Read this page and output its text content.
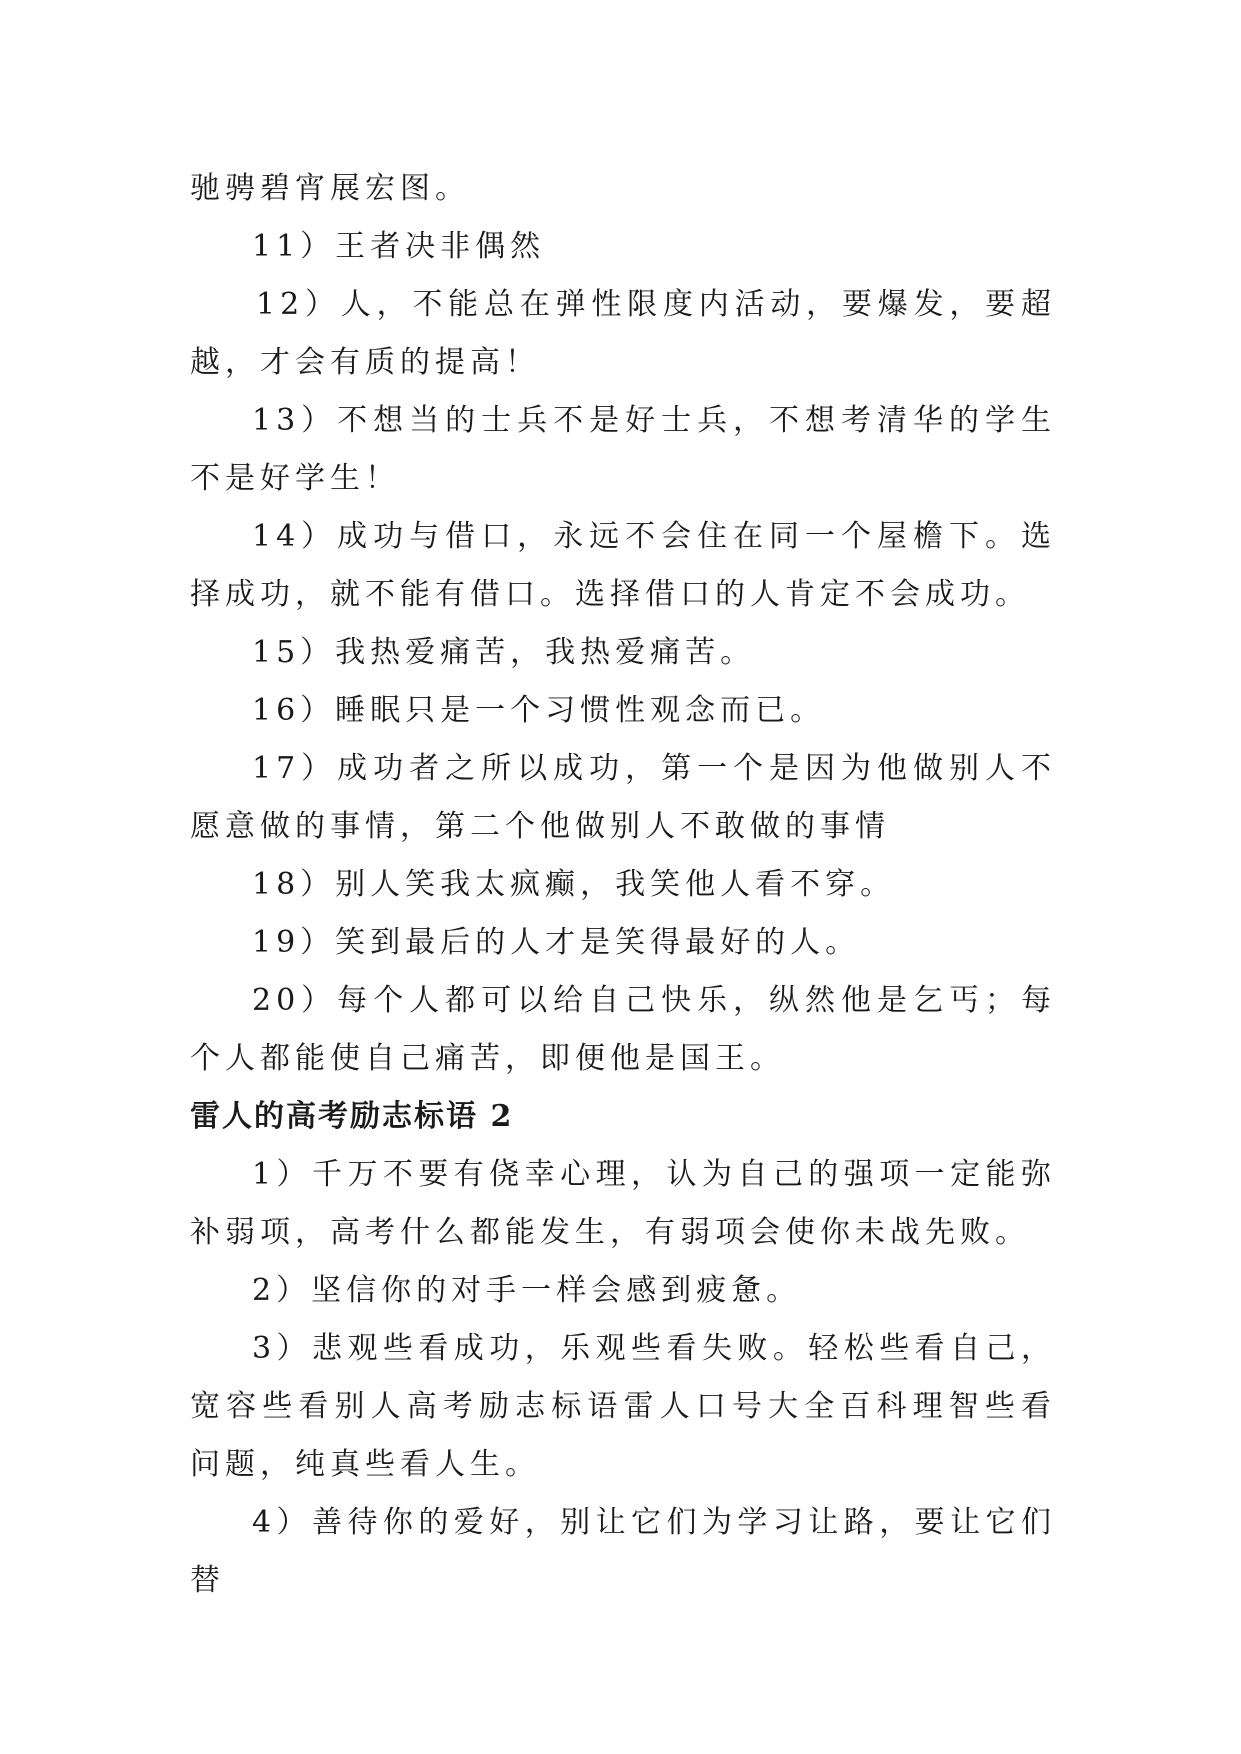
驰骋碧宵展宏图。

11）王者决非偶然

12）人，不能总在弹性限度内活动，要爆发，要超越，才会有质的提高！

13）不想当的士兵不是好士兵，不想考清华的学生不是好学生！

14）成功与借口，永远不会住在同一个屋檐下。选择成功，就不能有借口。选择借口的人肯定不会成功。

15）我热爱痛苦，我热爱痛苦。

16）睡眠只是一个习惯性观念而已。

17）成功者之所以成功，第一个是因为他做别人不愿意做的事情，第二个他做别人不敢做的事情

18）别人笑我太疯癫，我笑他人看不穿。

19）笑到最后的人才是笑得最好的人。

20）每个人都可以给自己快乐，纵然他是乞丐；每个人都能使自己痛苦，即便他是国王。

雷人的高考励志标语 2

1）千万不要有侥幸心理，认为自己的强项一定能弥补弱项，高考什么都能发生，有弱项会使你未战先败。

2）坚信你的对手一样会感到疲惫。

3）悲观些看成功，乐观些看失败。轻松些看自己，宽容些看别人高考励志标语雷人口号大全百科理智些看问题，纯真些看人生。

4）善待你的爱好，别让它们为学习让路，要让它们替
